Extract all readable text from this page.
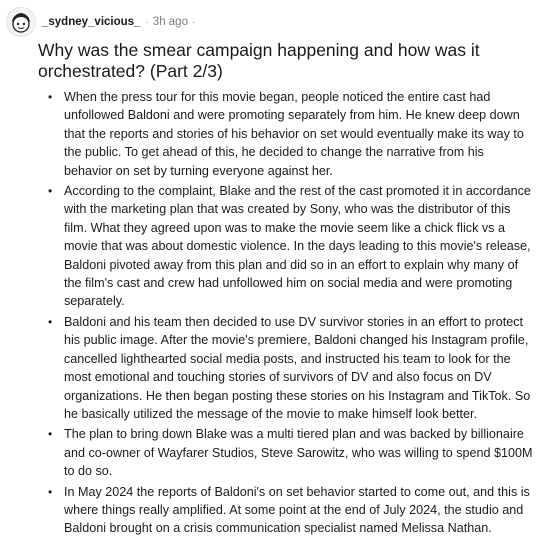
_sydney_vicious_ · 3h ago ·
Why was the smear campaign happening and how was it orchestrated? (Part 2/3)
• When the press tour for this movie began, people noticed the entire cast had unfollowed Baldoni and were promoting separately from him. He knew deep down that the reports and stories of his behavior on set would eventually make its way to the public. To get ahead of this, he decided to change the narrative from his behavior on set by turning everyone against her.
• According to the complaint, Blake and the rest of the cast promoted it in accordance with the marketing plan that was created by Sony, who was the distributor of this film. What they agreed upon was to make the movie seem like a chick flick vs a movie that was about domestic violence. In the days leading to this movie's release, Baldoni pivoted away from this plan and did so in an effort to explain why many of the film's cast and crew had unfollowed him on social media and were promoting separately.
• Baldoni and his team then decided to use DV survivor stories in an effort to protect his public image. After the movie's premiere, Baldoni changed his Instagram profile, cancelled lighthearted social media posts, and instructed his team to look for the most emotional and touching stories of survivors of DV and also focus on DV organizations. He then began posting these stories on his Instagram and TikTok. So he basically utilized the message of the movie to make himself look better.
• The plan to bring down Blake was a multi tiered plan and was backed by billionaire and co-owner of Wayfarer Studios, Steve Sarowitz, who was willing to spend $100M to do so.
• In May 2024 the reports of Baldoni's on set behavior started to come out, and this is where things really amplified. At some point at the end of July 2024, the studio and Baldoni brought on a crisis communication specialist named Melissa Nathan.
